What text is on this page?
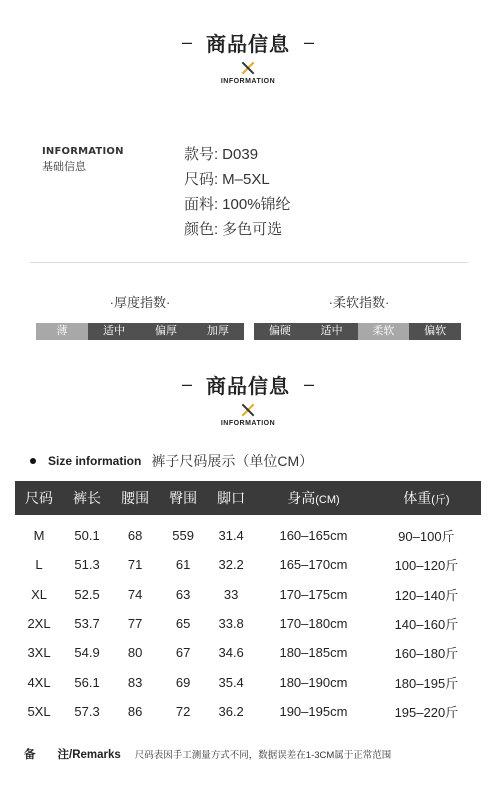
– 商品信息 –
INFORMATION
INFORMATION
基础信息
款号: D039
尺码: M–5XL
面料: 100%锦纶
颜色: 多色可选
·厚度指数·	·柔软指数·
薄	适中	偏厚	加厚	偏硬	适中	柔软	偏软
– 商品信息 –
INFORMATION
Size information 裤子尺码展示（单位CM）
尺码	裤长	腰围	臀围	脚口	身高(CM)	体重(斤)
M	50.1	68	559	31.4	160–165cm	90–100斤
L	51.3	71	61	32.2	165–170cm	100–120斤
XL	52.5	74	63	33	170–175cm	120–140斤
2XL	53.7	77	65	33.8	170–180cm	140–160斤
3XL	54.9	80	67	34.6	180–185cm	160–180斤
4XL	56.1	83	69	35.4	180–190cm	180–195斤
5XL	57.3	86	72	36.2	190–195cm	195–220斤
备 注/Remarks 尺码表因手工测量方式不同，数据误差在1-3CM属于正常范围
